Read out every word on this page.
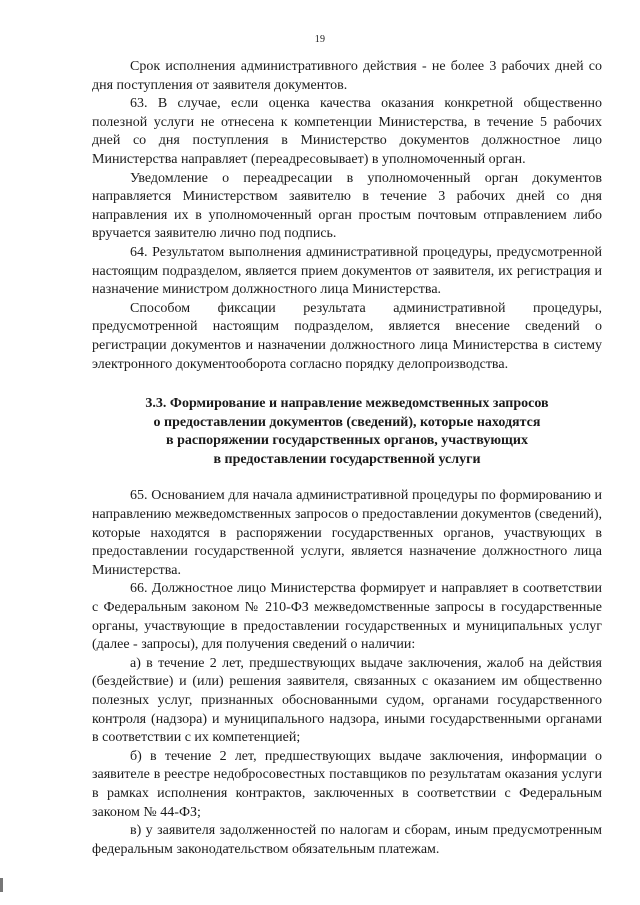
19

Срок исполнения административного действия - не более 3 рабочих дней со дня поступления от заявителя документов.

63. В случае, если оценка качества оказания конкретной общественно полезной услуги не отнесена к компетенции Министерства, в течение 5 рабочих дней со дня поступления в Министерство документов должностное лицо Министерства направляет (переадресовывает) в уполномоченный орган.

Уведомление о переадресации в уполномоченный орган документов направляется Министерством заявителю в течение 3 рабочих дней со дня направления их в уполномоченный орган простым почтовым отправлением либо вручается заявителю лично под подпись.

64. Результатом выполнения административной процедуры, предусмотренной настоящим подразделом, является прием документов от заявителя, их регистрация и назначение министром должностного лица Министерства.

Способом фиксации результата административной процедуры, предусмотренной настоящим подразделом, является внесение сведений о регистрации документов и назначении должностного лица Министерства в систему электронного документооборота согласно порядку делопроизводства.

3.3. Формирование и направление межведомственных запросов
о предоставлении документов (сведений), которые находятся
в распоряжении государственных органов, участвующих
в предоставлении государственной услуги

65. Основанием для начала административной процедуры по формированию и направлению межведомственных запросов о предоставлении документов (сведений), которые находятся в распоряжении государственных органов, участвующих в предоставлении государственной услуги, является назначение должностного лица Министерства.

66. Должностное лицо Министерства формирует и направляет в соответствии с Федеральным законом № 210-ФЗ межведомственные запросы в государственные органы, участвующие в предоставлении государственных и муниципальных услуг (далее - запросы), для получения сведений о наличии:

а) в течение 2 лет, предшествующих выдаче заключения, жалоб на действия (бездействие) и (или) решения заявителя, связанных с оказанием им общественно полезных услуг, признанных обоснованными судом, органами государственного контроля (надзора) и муниципального надзора, иными государственными органами в соответствии с их компетенцией;

б) в течение 2 лет, предшествующих выдаче заключения, информации о заявителе в реестре недобросовестных поставщиков по результатам оказания услуги в рамках исполнения контрактов, заключенных в соответствии с Федеральным законом № 44-ФЗ;

в) у заявителя задолженностей по налогам и сборам, иным предусмотренным федеральным законодательством обязательным платежам.
